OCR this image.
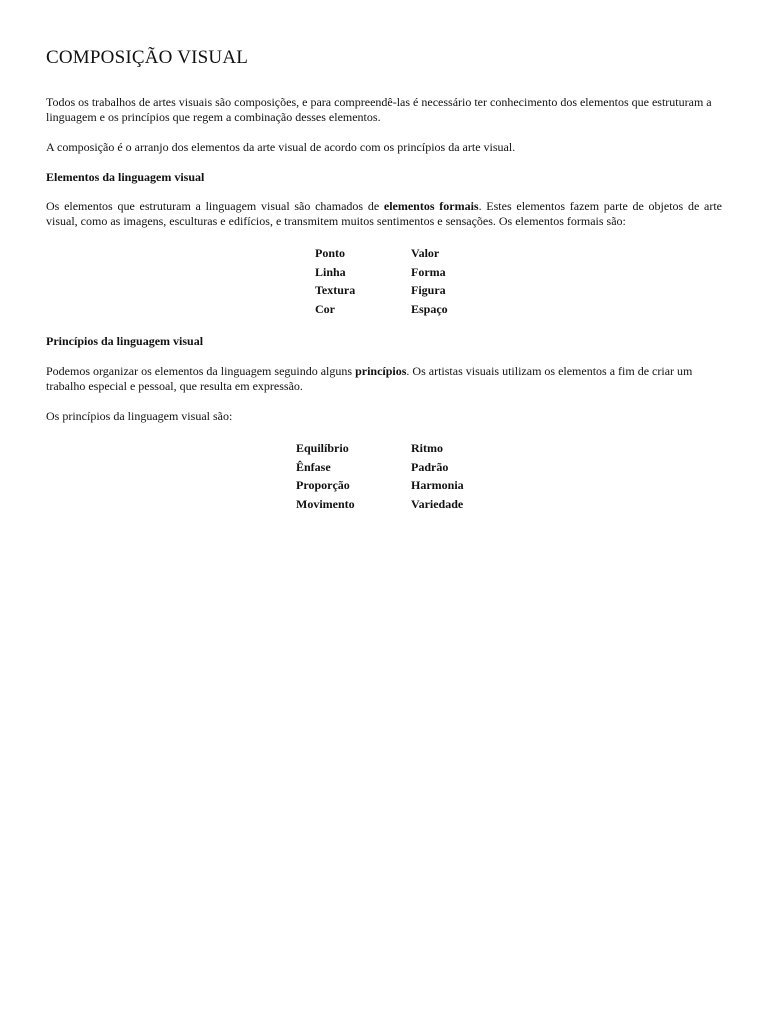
COMPOSIÇÃO VISUAL

Todos os trabalhos de artes visuais são composições, e para compreendê-las é necessário ter conhecimento dos elementos que estruturam a linguagem e os princípios que regem a combinação desses elementos.

A composição é o arranjo dos elementos da arte visual de acordo com os princípios da arte visual.

Elementos da linguagem visual

Os elementos que estruturam a linguagem visual são chamados de elementos formais. Estes elementos fazem parte de objetos de arte visual, como as imagens, esculturas e edifícios, e transmitem muitos sentimentos e sensações. Os elementos formais são:

Ponto	Valor
Linha	Forma
Textura	Figura
Cor	Espaço

Princípios da linguagem visual

Podemos organizar os elementos da linguagem seguindo alguns princípios. Os artistas visuais utilizam os elementos a fim de criar um trabalho especial e pessoal, que resulta em expressão.

Os princípios da linguagem visual são:

Equilíbrio	Ritmo
Ênfase	Padrão
Proporção	Harmonia
Movimento	Variedade
